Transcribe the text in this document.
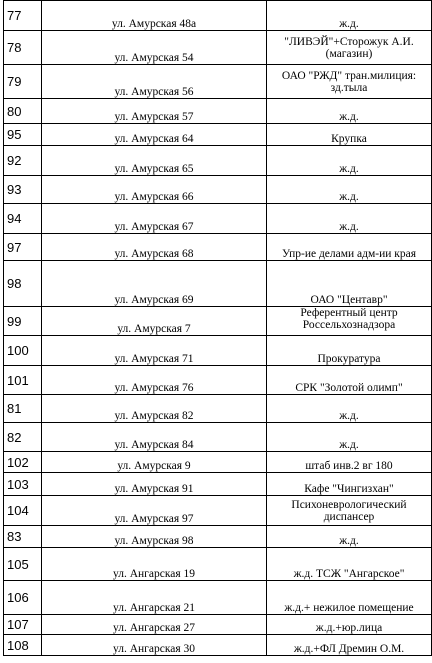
77	ул. Амурская 48а	ж.д.
78	ул. Амурская 54	"ЛИВЭЙ"+Сторожук А.И.(магазин)
79	ул. Амурская 56	ОАО "РЖД" тран.милиция: зд.тыла
80	ул. Амурская 57	ж.д.
95	ул. Амурская 64	Крупка
92	ул. Амурская 65	ж.д.
93	ул. Амурская 66	ж.д.
94	ул. Амурская 67	ж.д.
97	ул. Амурская 68	Упр-ие делами адм-ии края
98	ул. Амурская 69	ОАО "Центавр"
99	ул. Амурская 7	Референтный центр Россельхознадзора
100	ул. Амурская 71	Прокуратура
101	ул. Амурская 76	СРК "Золотой олимп"
81	ул. Амурская 82	ж.д.
82	ул. Амурская 84	ж.д.
102	ул. Амурская 9	штаб инв.2 вг 180
103	ул. Амурская 91	Кафе "Чингизхан"
104	ул. Амурская 97	Психоневрологический диспансер
83	ул. Амурская 98	ж.д.
105	ул. Ангарская 19	ж.д. ТСЖ "Ангарское"
106	ул. Ангарская 21	ж.д.+ нежилое помещение
107	ул. Ангарская 27	ж.д.+юр.лица
108	ул. Ангарская 30	ж.д.+ФЛ Дремин О.М.
